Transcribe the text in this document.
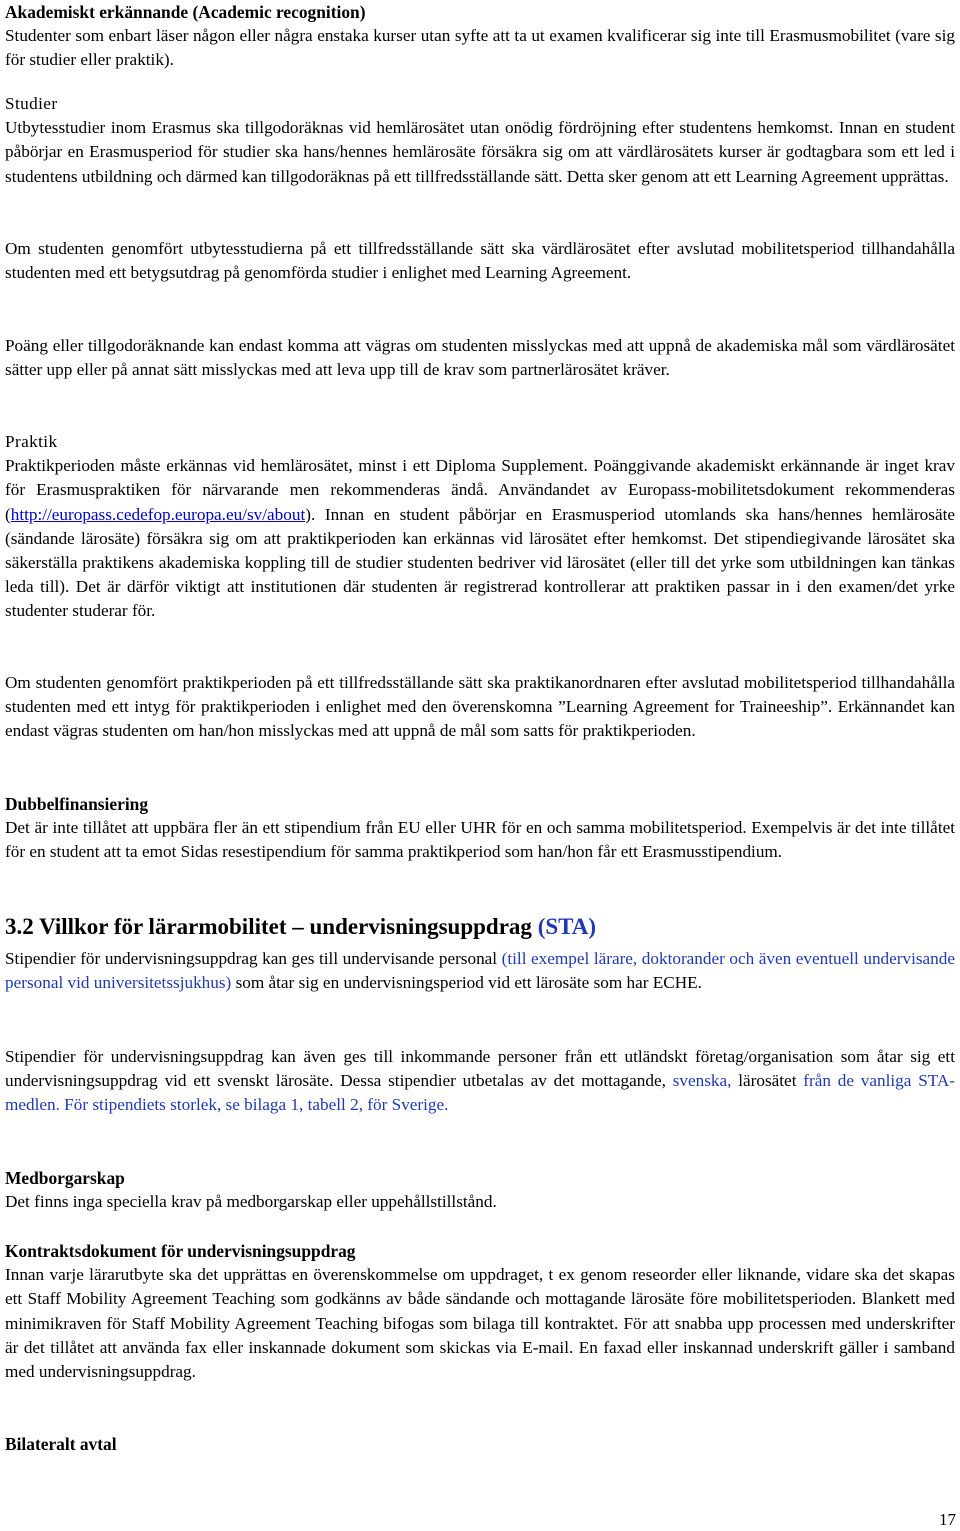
Akademiskt erkännande (Academic recognition)

Studenter som enbart läser någon eller några enstaka kurser utan syfte att ta ut examen kvalificerar sig inte till Erasmusmobilitet (vare sig för studier eller praktik).

Studier

Utbytesstudier inom Erasmus ska tillgodoräknas vid hemlärosätet utan onödig fördröjning efter studentens hemkomst. Innan en student påbörjar en Erasmusperiod för studier ska hans/hennes hemlärosäte försäkra sig om att värdlärosätets kurser är godtagbara som ett led i studentens utbildning och därmed kan tillgodoräknas på ett tillfredsställande sätt. Detta sker genom att ett Learning Agreement upprättas.

Om studenten genomfört utbytesstudierna på ett tillfredsställande sätt ska värdlärosätet efter avslutad mobilitetsperiod tillhandahålla studenten med ett betygsutdrag på genomförda studier i enlighet med Learning Agreement.

Poäng eller tillgodoräknande kan endast komma att vägras om studenten misslyckas med att uppnå de akademiska mål som värdlärosätet sätter upp eller på annat sätt misslyckas med att leva upp till de krav som partnerlärosätet kräver.

Praktik

Praktikperioden måste erkännas vid hemlärosätet, minst i ett Diploma Supplement. Poänggivande akademiskt erkännande är inget krav för Erasmuspraktiken för närvarande men rekommenderas ändå. Användandet av Europass-mobilitetsdokument rekommenderas (http://europass.cedefop.europa.eu/sv/about). Innan en student påbörjar en Erasmusperiod utomlands ska hans/hennes hemlärosäte (sändande lärosäte) försäkra sig om att praktikperioden kan erkännas vid lärosätet efter hemkomst. Det stipendiegivande lärosätet ska säkerställa praktikens akademiska koppling till de studier studenten bedriver vid lärosätet (eller till det yrke som utbildningen kan tänkas leda till). Det är därför viktigt att institutionen där studenten är registrerad kontrollerar att praktiken passar in i den examen/det yrke studenter studerar för.

Om studenten genomfört praktikperioden på ett tillfredsställande sätt ska praktikanordnaren efter avslutad mobilitetsperiod tillhandahålla studenten med ett intyg för praktikperioden i enlighet med den överenskomna ”Learning Agreement for Traineeship”. Erkännandet kan endast vägras studenten om han/hon misslyckas med att uppnå de mål som satts för praktikperioden.

Dubbelfinansiering

Det är inte tillåtet att uppbära fler än ett stipendium från EU eller UHR för en och samma mobilitetsperiod. Exempelvis är det inte tillåtet för en student att ta emot Sidas resestipendium för samma praktikperiod som han/hon får ett Erasmusstipendium.

3.2 Villkor för lärarmobilitet – undervisningsuppdrag (STA)

Stipendier för undervisningsuppdrag kan ges till undervisande personal (till exempel lärare, doktorander och även eventuell undervisande personal vid universitetssjukhus) som åtar sig en undervisningsperiod vid ett lärosäte som har ECHE.

Stipendier för undervisningsuppdrag kan även ges till inkommande personer från ett utländskt företag/organisation som åtar sig ett undervisningsuppdrag vid ett svenskt lärosäte. Dessa stipendier utbetalas av det mottagande, svenska, lärosätet från de vanliga STA-medlen. För stipendiets storlek, se bilaga 1, tabell 2, för Sverige.

Medborgarskap

Det finns inga speciella krav på medborgarskap eller uppehållstillstånd.

Kontraktsdokument för undervisningsuppdrag

Innan varje lärarutbyte ska det upprättas en överenskommelse om uppdraget, t ex genom reseorder eller liknande, vidare ska det skapas ett Staff Mobility Agreement Teaching som godkänns av både sändande och mottagande lärosäte före mobilitetsperioden. Blankett med minimikraven för Staff Mobility Agreement Teaching bifogas som bilaga till kontraktet. För att snabba upp processen med underskrifter är det tillåtet att använda fax eller inskannade dokument som skickas via E-mail. En faxad eller inskannad underskrift gäller i samband med undervisningsuppdrag.

Bilateralt avtal
17
